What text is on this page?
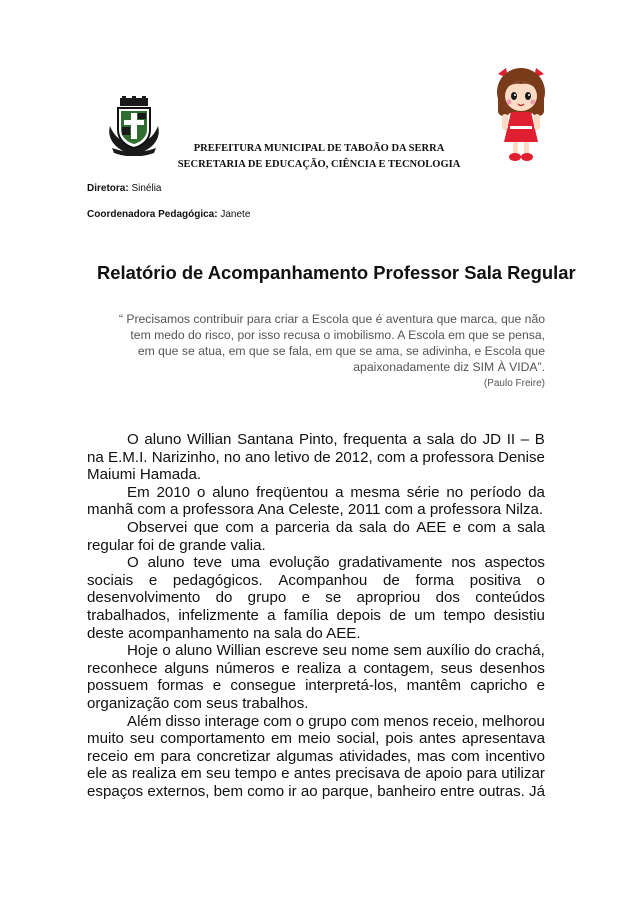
PREFEITURA MUNICIPAL DE TABOÃO DA SERRA
SECRETARIA DE EDUCAÇÃO, CIÊNCIA E TECNOLOGIA
Diretora: Sinélia
Coordenadora Pedagógica: Janete
Relatório de Acompanhamento Professor Sala Regular
“ Precisamos contribuir para criar a Escola que é aventura que marca, que não
tem medo do risco, por isso recusa o imobilismo. A Escola em que se pensa,
em que se atua, em que se fala, em que se ama, se adivinha, e Escola que
apaixonadamente diz SIM À VIDA”.
(Paulo Freire)
O aluno Willian Santana Pinto, frequenta a sala do JD II – B
na E.M.I. Narizinho, no ano letivo de 2012, com a professora Denise
Maiumi Hamada.
Em 2010 o aluno freqüentou a mesma série no período da
manhã com a professora Ana Celeste, 2011 com a professora Nilza.
Observei que com a parceria da sala do AEE e com a sala
regular foi de grande valia.
O aluno teve uma evolução gradativamente nos aspectos
sociais e pedagógicos. Acompanhou de forma positiva o
desenvolvimento do grupo e se apropriou dos conteúdos
trabalhados, infelizmente a família depois de um tempo desistiu
deste acompanhamento na sala do AEE.
Hoje o aluno Willian escreve seu nome sem auxílio do crachá,
reconhece alguns números e realiza a contagem, seus desenhos
possuem formas e consegue interpretá-los, mantêm capricho e
organização com seus trabalhos.
Além disso interage com o grupo com menos receio, melhorou
muito seu comportamento em meio social, pois antes apresentava
receio em para concretizar algumas atividades, mas com incentivo
ele as realiza em seu tempo e antes precisava de apoio para utilizar
espaços externos, bem como ir ao parque, banheiro entre outras. Já
